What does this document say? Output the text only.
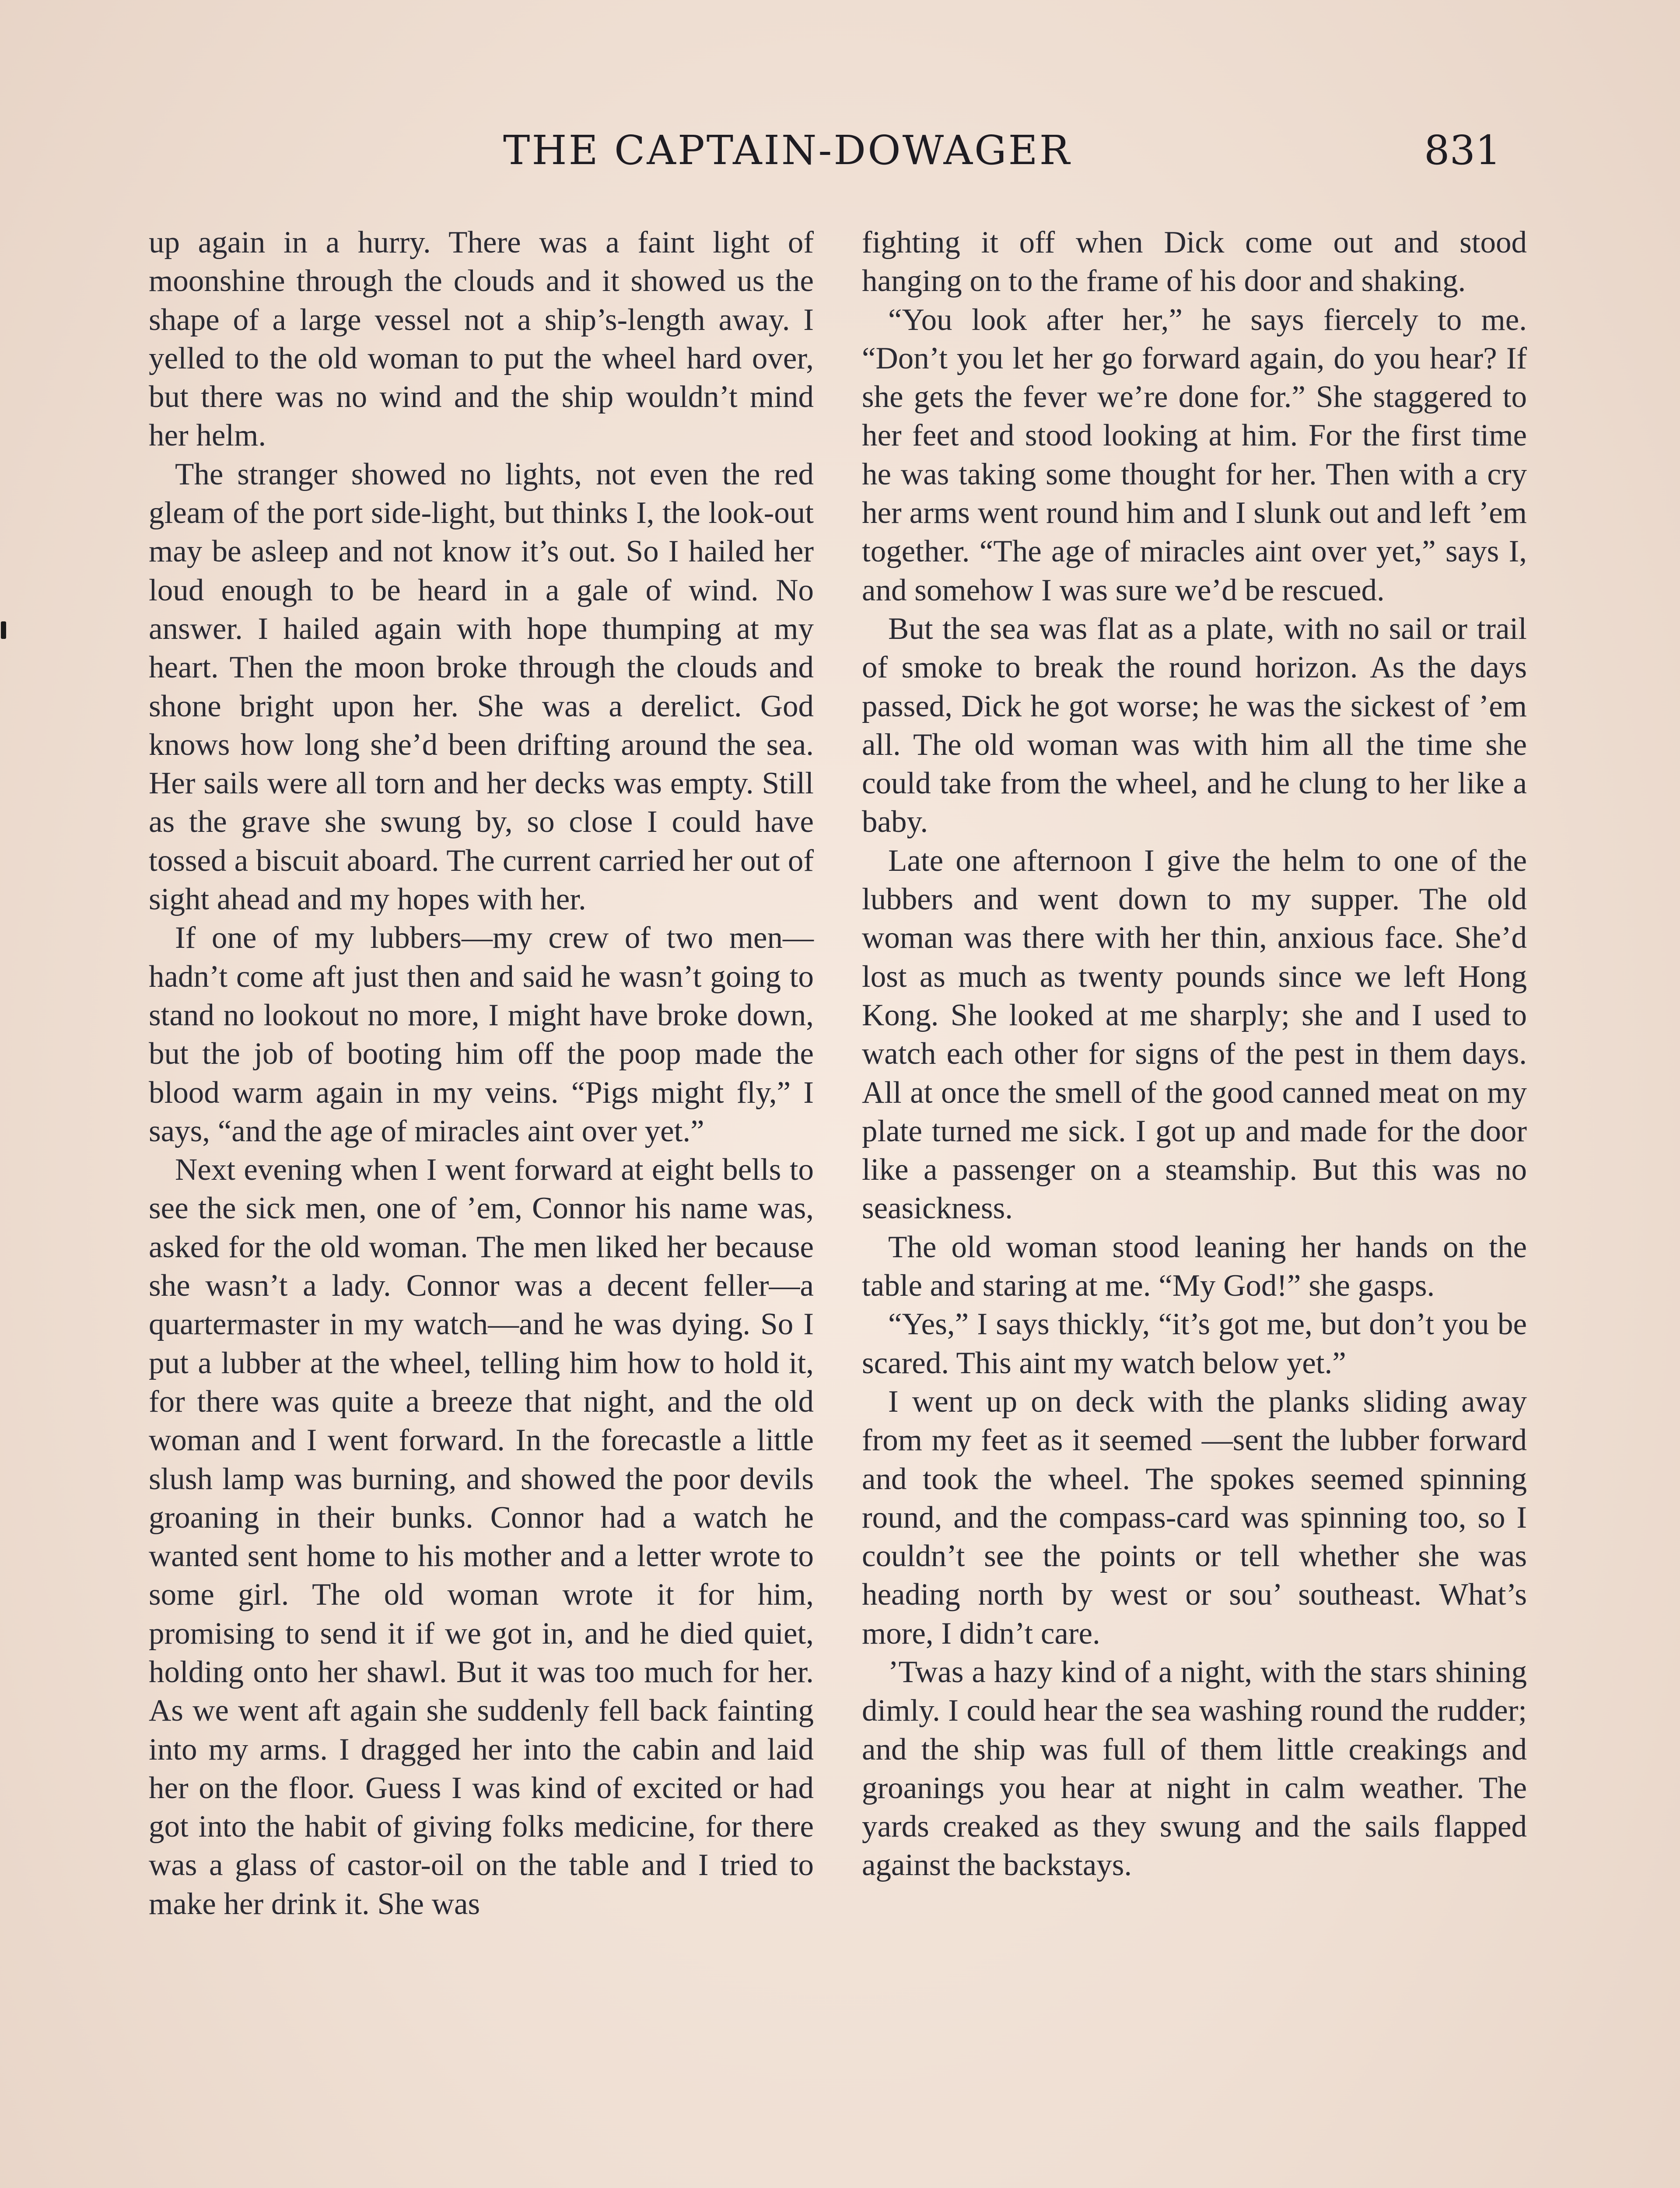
THE CAPTAIN-DOWAGER	831

up again in a hurry. There was a faint light of moonshine through the clouds and it showed us the shape of a large vessel not a ship’s-length away. I yelled to the old woman to put the wheel hard over, but there was no wind and the ship wouldn’t mind her helm.

The stranger showed no lights, not even the red gleam of the port side-light, but thinks I, the look-out may be asleep and not know it’s out. So I hailed her loud enough to be heard in a gale of wind. No answer. I hailed again with hope thumping at my heart. Then the moon broke through the clouds and shone bright upon her. She was a derelict. God knows how long she’d been drifting around the sea. Her sails were all torn and her decks was empty. Still as the grave she swung by, so close I could have tossed a biscuit aboard. The current carried her out of sight ahead and my hopes with her.

If one of my lubbers—my crew of two men—hadn’t come aft just then and said he wasn’t going to stand no lookout no more, I might have broke down, but the job of booting him off the poop made the blood warm again in my veins. “Pigs might fly,” I says, “and the age of miracles aint over yet.”

Next evening when I went forward at eight bells to see the sick men, one of ’em, Connor his name was, asked for the old woman. The men liked her because she wasn’t a lady. Connor was a decent feller—a quartermaster in my watch—and he was dying. So I put a lubber at the wheel, telling him how to hold it, for there was quite a breeze that night, and the old woman and I went forward. In the forecastle a little slush lamp was burning, and showed the poor devils groaning in their bunks. Connor had a watch he wanted sent home to his mother and a letter wrote to some girl. The old woman wrote it for him, promising to send it if we got in, and he died quiet, holding onto her shawl. But it was too much for her. As we went aft again she suddenly fell back fainting into my arms. I dragged her into the cabin and laid her on the floor. Guess I was kind of excited or had got into the habit of giving folks medicine, for there was a glass of castor-oil on the table and I tried to make her drink it. She was

fighting it off when Dick come out and stood hanging on to the frame of his door and shaking.

“You look after her,” he says fiercely to me. “Don’t you let her go forward again, do you hear? If she gets the fever we’re done for.” She staggered to her feet and stood looking at him. For the first time he was taking some thought for her. Then with a cry her arms went round him and I slunk out and left ’em together. “The age of miracles aint over yet,” says I, and somehow I was sure we’d be rescued.

But the sea was flat as a plate, with no sail or trail of smoke to break the round horizon. As the days passed, Dick he got worse; he was the sickest of ’em all. The old woman was with him all the time she could take from the wheel, and he clung to her like a baby.

Late one afternoon I give the helm to one of the lubbers and went down to my supper. The old woman was there with her thin, anxious face. She’d lost as much as twenty pounds since we left Hong Kong. She looked at me sharply; she and I used to watch each other for signs of the pest in them days. All at once the smell of the good canned meat on my plate turned me sick. I got up and made for the door like a passenger on a steamship. But this was no seasickness.

The old woman stood leaning her hands on the table and staring at me. “My God!” she gasps.

“Yes,” I says thickly, “it’s got me, but don’t you be scared. This aint my watch below yet.”

I went up on deck with the planks sliding away from my feet as it seemed —sent the lubber forward and took the wheel. The spokes seemed spinning round, and the compass-card was spinning too, so I couldn’t see the points or tell whether she was heading north by west or sou’ southeast. What’s more, I didn’t care.

’Twas a hazy kind of a night, with the stars shining dimly. I could hear the sea washing round the rudder; and the ship was full of them little creakings and groanings you hear at night in calm weather. The yards creaked as they swung and the sails flapped against the backstays.
